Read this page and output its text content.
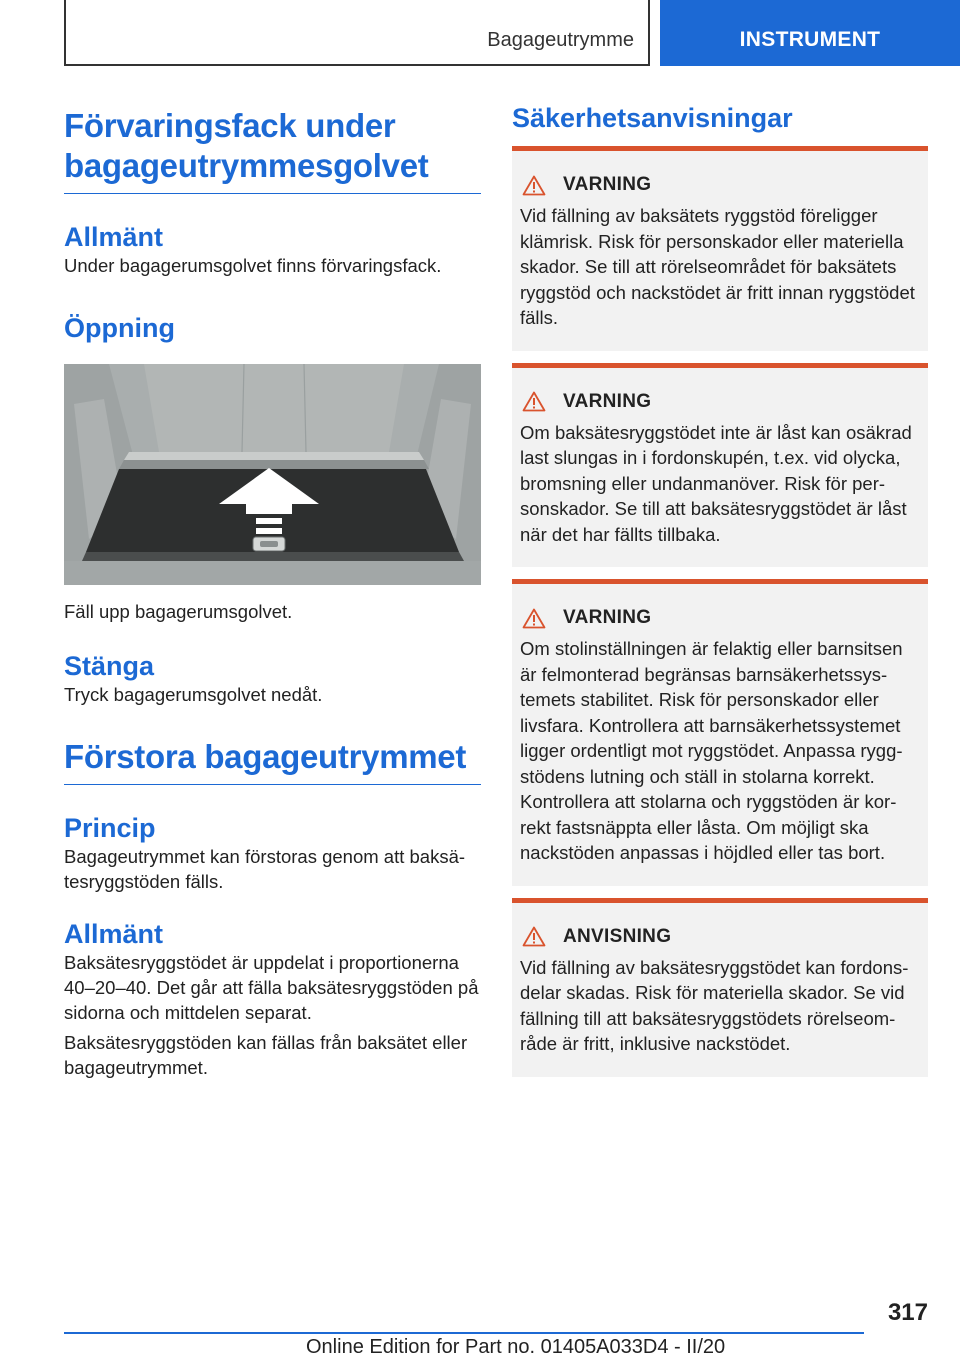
Bagageutrymme	INSTRUMENT
Förvaringsfack under bagageutrymmesgolvet
Allmänt
Under bagagerumsgolvet finns förvaringsfack.
Öppning
Fäll upp bagagerumsgolvet.
Stänga
Tryck bagagerumsgolvet nedåt.
Förstora bagageutrymmet
Princip
Bagageutrymmet kan förstoras genom att baksätesryggstöden fälls.
Allmänt
Baksätesryggstödet är uppdelat i proportionerna 40–20–40. Det går att fälla baksätesryggstöden på sidorna och mittdelen separat.
Baksätesryggstöden kan fällas från baksätet eller bagageutrymmet.
Säkerhetsanvisningar
VARNING
Vid fällning av baksätets ryggstöd föreligger klämrisk. Risk för personskador eller materiella skador. Se till att rörelseområdet för baksätets ryggstöd och nackstödet är fritt innan ryggstödet fälls.
VARNING
Om baksätesryggstödet inte är låst kan osäkrad last slungas in i fordonskupén, t.ex. vid olycka, bromsning eller undanmanöver. Risk för personskador. Se till att baksätesryggstödet är låst när det har fällts tillbaka.
VARNING
Om stolinställningen är felaktig eller barnsitsen är felmonterad begränsas barnsäkerhetssystemets stabilitet. Risk för personskador eller livsfara. Kontrollera att barnsäkerhetssystemet ligger ordentligt mot ryggstödet. Anpassa ryggstödens lutning och ställ in stolarna korrekt. Kontrollera att stolarna och ryggstöden är korrekt fastsnäppta eller låsta. Om möjligt ska nackstöden anpassas i höjdled eller tas bort.
ANVISNING
Vid fällning av baksätesryggstödet kan fordonsdelar skadas. Risk för materiella skador. Se vid fällning till att baksätesryggstödets rörelseområde är fritt, inklusive nackstödet.
317
Online Edition for Part no. 01405A033D4 - II/20
